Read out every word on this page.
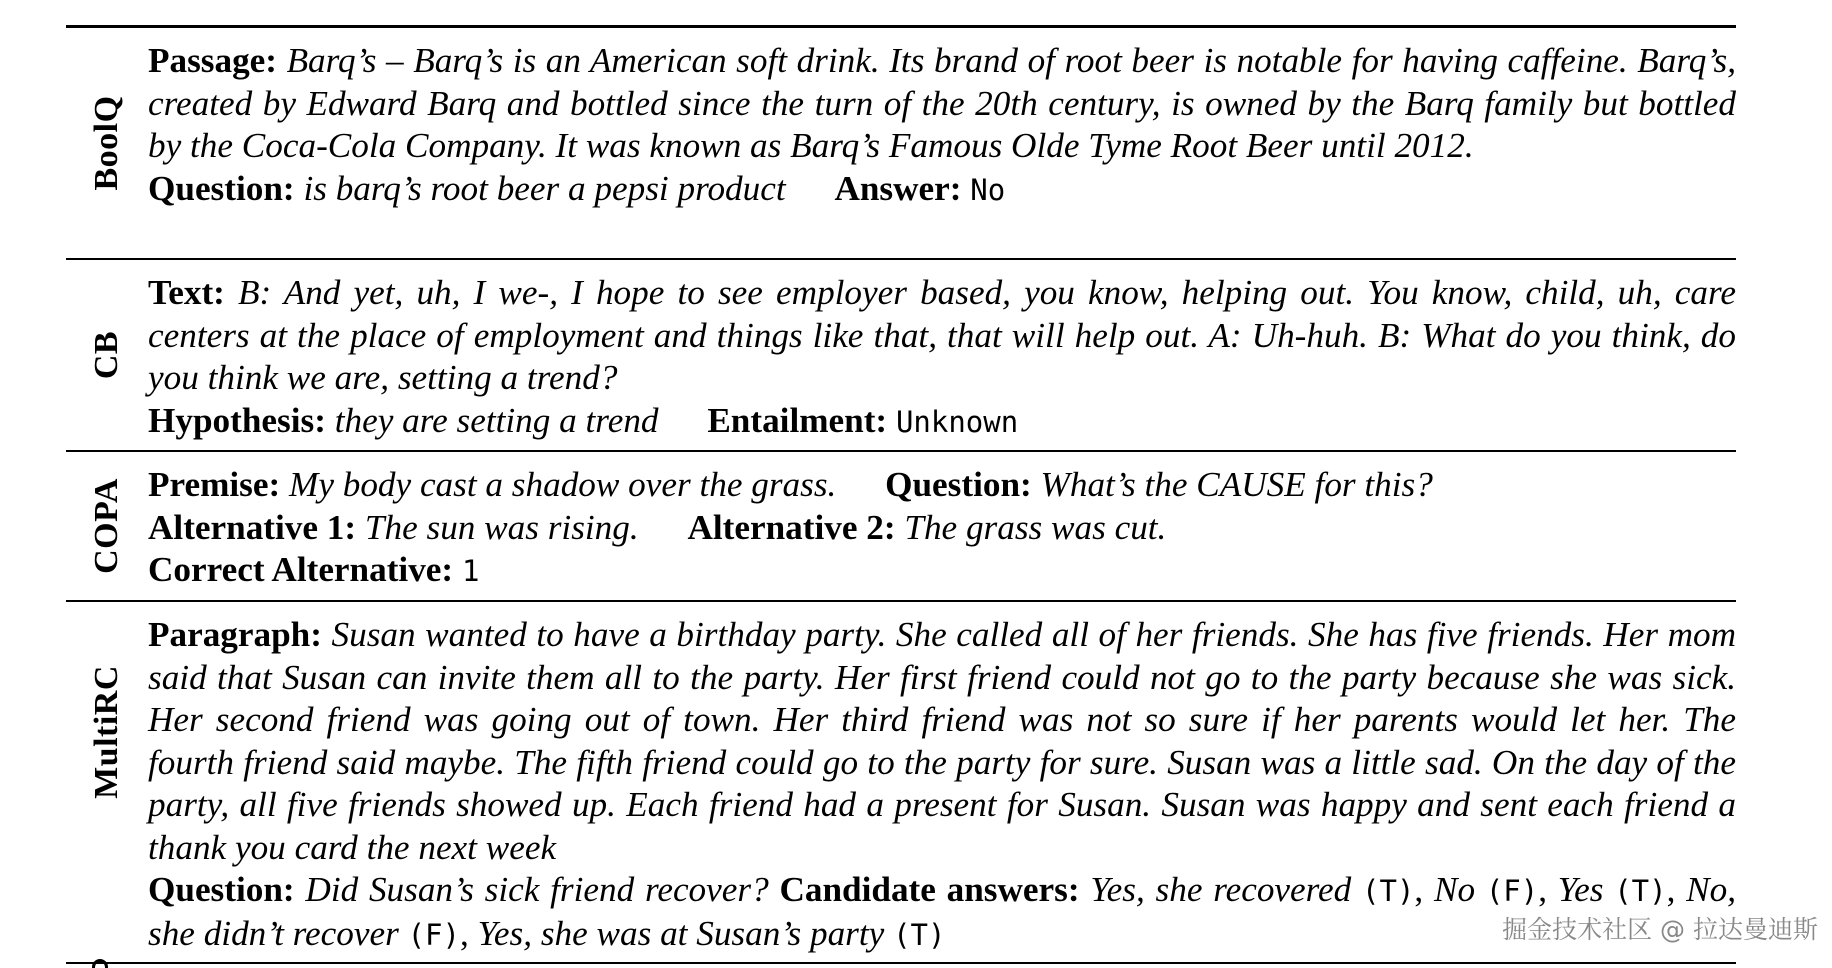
BoolQ

Passage: Barq’s – Barq’s is an American soft drink. Its brand of root beer is notable for having caffeine. Barq’s, created by Edward Barq and bottled since the turn of the 20th century, is owned by the Barq family but bottled by the Coca-Cola Company. It was known as Barq’s Famous Olde Tyme Root Beer until 2012.

Question: is barq’s root beer a pepsi product Answer: No

CB

Text: B: And yet, uh, I we-, I hope to see employer based, you know, helping out. You know, child, uh, care centers at the place of employment and things like that, that will help out. A: Uh-huh. B: What do you think, do you think we are, setting a trend?

Hypothesis: they are setting a trend Entailment: Unknown

COPA Premise: My body cast a shadow over the grass. Question: What’s the CAUSE for this?

Alternative 1: The sun was rising. Alternative 2: The grass was cut.

Correct Alternative: 1

MultiRC

Paragraph: Susan wanted to have a birthday party. She called all of her friends. She has five friends. Her mom said that Susan can invite them all to the party. Her first friend could not go to the party because she was sick. Her second friend was going out of town. Her third friend was not so sure if her parents would let her. The fourth friend said maybe. The fifth friend could go to the party for sure. Susan was a little sad. On the day of the party, all five friends showed up. Each friend had a present for Susan. Susan was happy and sent each friend a thank you card the next week

Question: Did Susan’s sick friend recover? Candidate answers: Yes, she recovered (T), No (F), Yes (T), No, she didn’t recover (F), Yes, she was at Susan’s party (T)	掘金技术社区 @ 拉达曼迪斯
